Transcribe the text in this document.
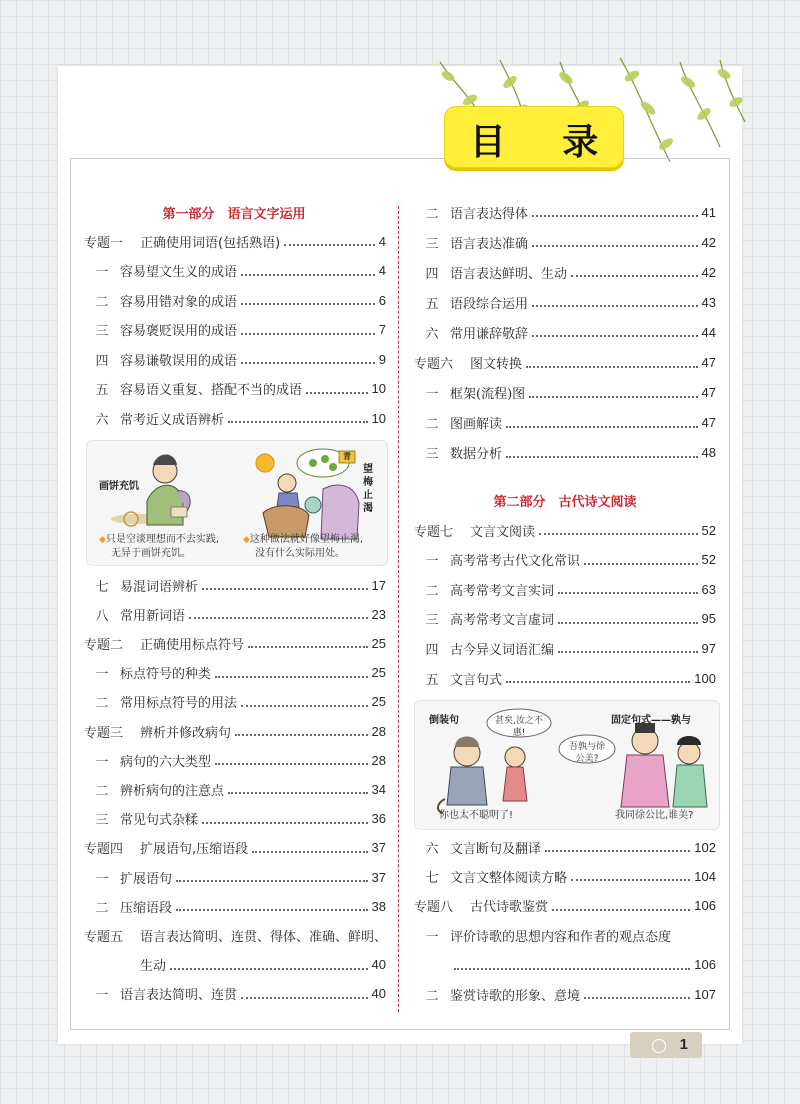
目 录
第一部分　语言文字运用
第二部分　古代诗文阅读
专题一	正确使用词语(包括熟语)	4
一 容易望文生义的成语	4
二 容易用错对象的成语	6
三 容易褒贬误用的成语	7
四 容易谦敬误用的成语	9
五 容易语义重复、搭配不当的成语	10
六 常考近义成语辨析	10
七 易混词语辨析	17
八 常用新词语	23
专题二	正确使用标点符号	25
一 标点符号的种类	25
二 常用标点符号的用法	25
专题三	辨析并修改病句	28
一 病句的六大类型	28
二 辨析病句的注意点	34
三 常见句式杂糅	36
专题四	扩展语句,压缩语段	37
一 扩展语句	37
二 压缩语段	38
专题五	语言表达简明、连贯、得体、准确、鲜明、
生动	40
一 语言表达简明、连贯	40
画饼充饥
望梅止渴
青
◆只是空谈理想而不去实践,
无异于画饼充饥。
◆这种做法就好像望梅止渴,
没有什么实际用处。
二 语言表达得体	41
三 语言表达准确	42
四 语言表达鲜明、生动	42
五 语段综合运用	43
六 常用谦辞敬辞	44
专题六	图文转换	47
一 框架(流程)图	47
二 图画解读	47
三 数据分析	48
专题七	文言文阅读	52
一 高考常考古代文化常识	52
二 高考常考文言实词	63
三 高考常考文言虚词	95
四 古今异义词语汇编	97
五 文言句式	100
六 文言断句及翻译	102
七 文言文整体阅读方略	104
专题八	古代诗歌鉴赏	106
一 评价诗歌的思想内容和作者的观点态度
106
二 鉴赏诗歌的形象、意境	107
倒装句	固定句式——孰与
甚矣,汝之不惠!
吾孰与徐公美?
你也太不聪明了!	我同徐公比,谁美?
1
